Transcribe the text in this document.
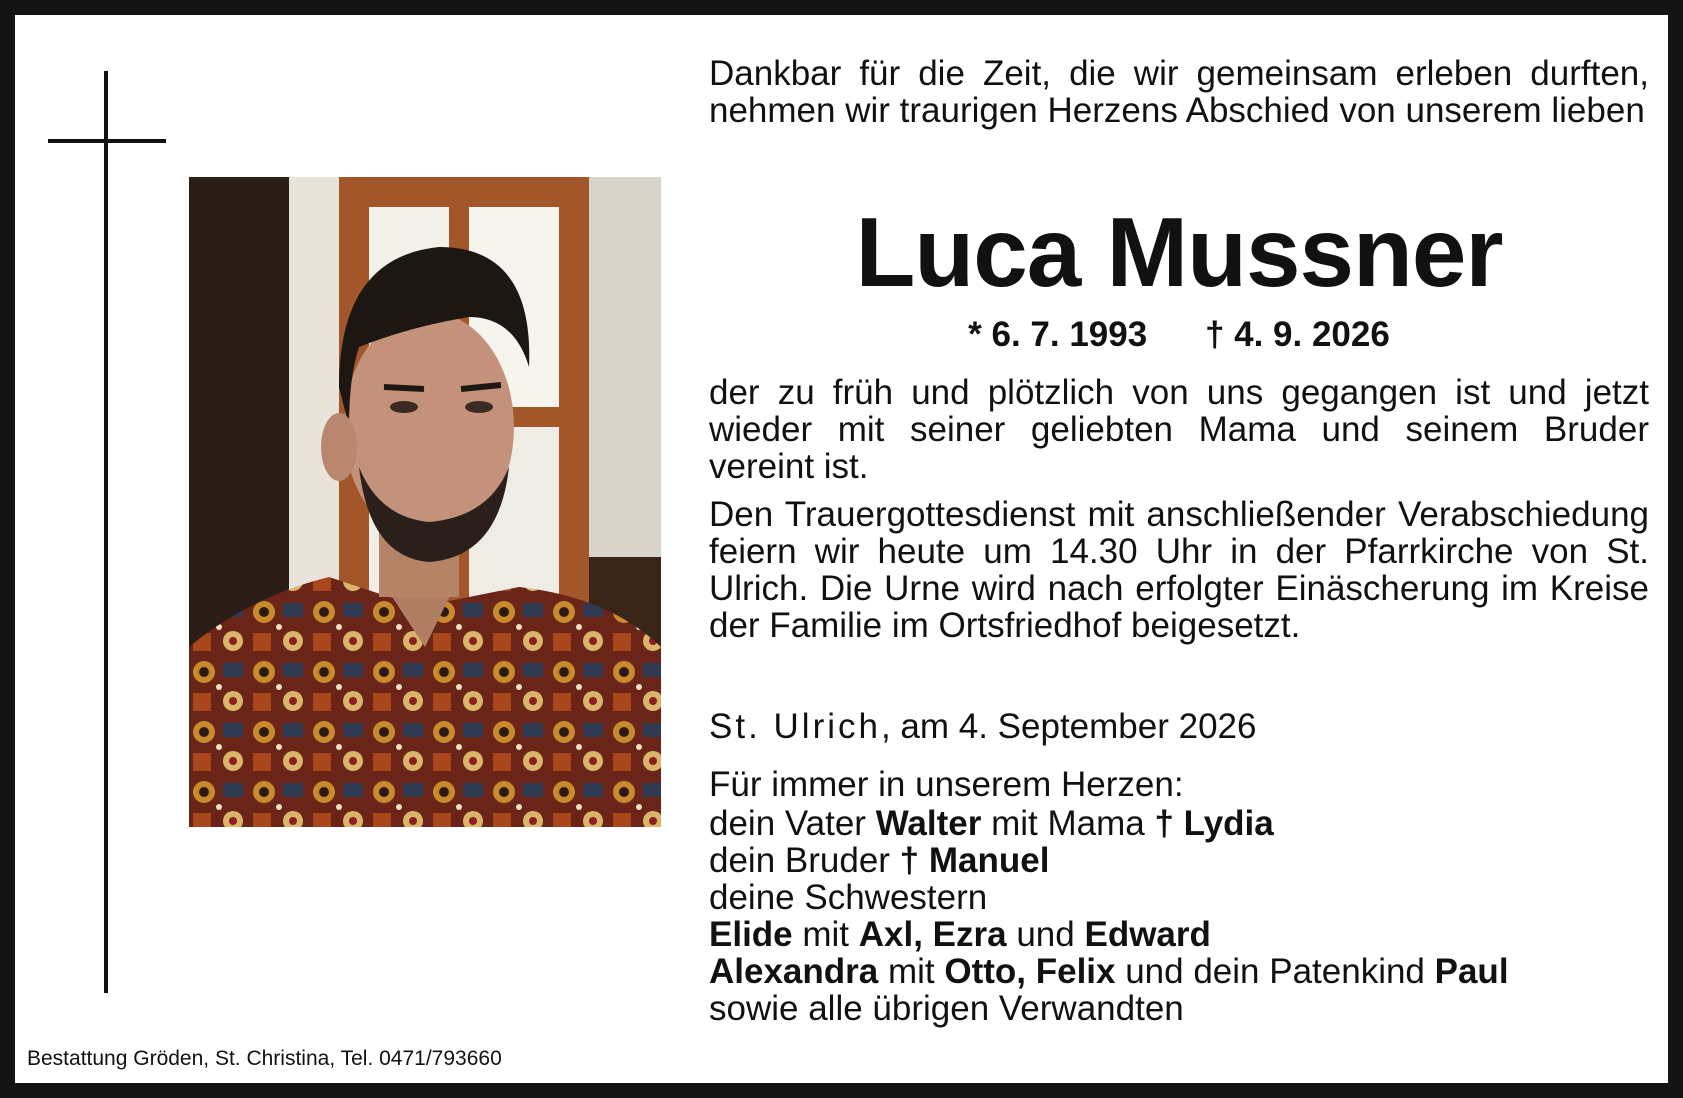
Dankbar für die Zeit, die wir gemeinsam erleben durften, nehmen wir traurigen Herzens Abschied von unserem lieben
Luca Mussner
* 6. 7. 1993 † 4. 9. 2026
der zu früh und plötzlich von uns gegangen ist und jetzt wieder mit seiner geliebten Mama und seinem Bruder vereint ist.
Den Trauergottesdienst mit anschließender Verabschiedung feiern wir heute um 14.30 Uhr in der Pfarrkirche von St. Ulrich. Die Urne wird nach erfolgter Einäscherung im Kreise der Familie im Ortsfriedhof beigesetzt.
St. Ulrich, am 4. September 2026
Für immer in unserem Herzen:
dein Vater Walter mit Mama † Lydia
dein Bruder † Manuel
deine Schwestern
Elide mit Axl, Ezra und Edward
Alexandra mit Otto, Felix und dein Patenkind Paul
sowie alle übrigen Verwandten
Bestattung Gröden, St. Christina, Tel. 0471/793660
